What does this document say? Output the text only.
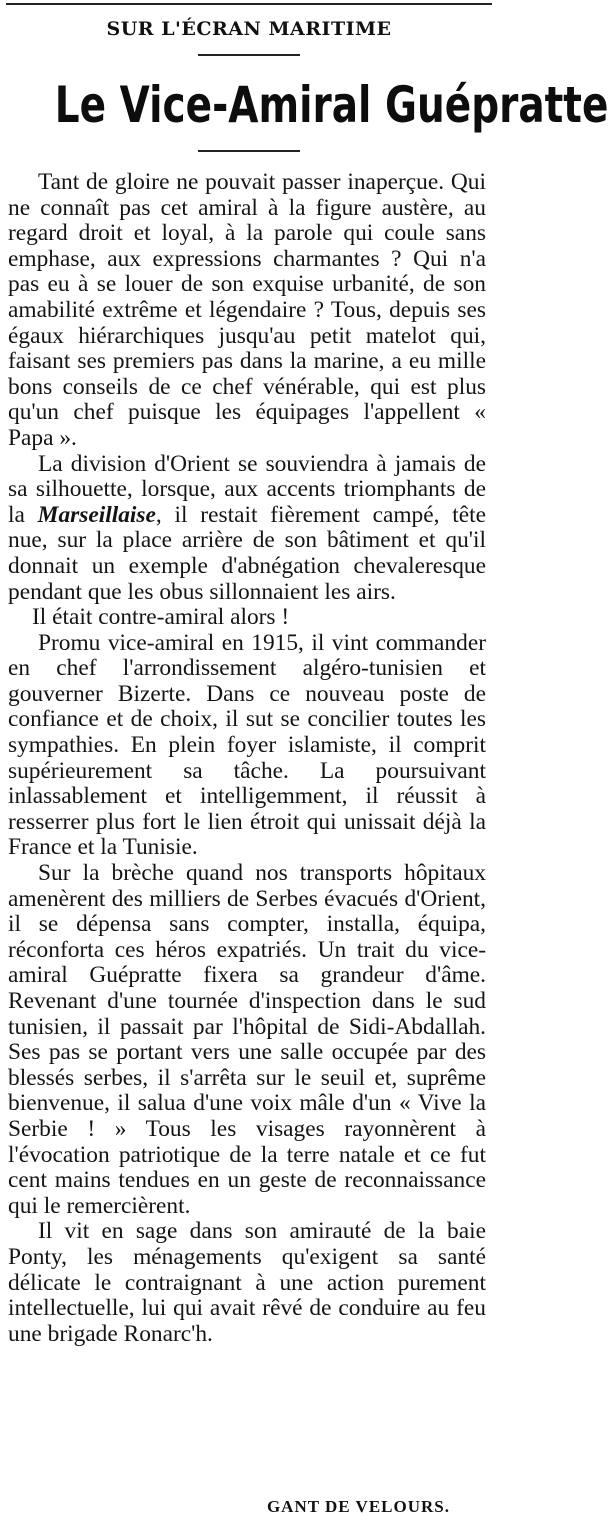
SUR L'ÉCRAN MARITIME
Le Vice-Amiral Guépratte

Tant de gloire ne pouvait passer inaperçue. Qui ne connaît pas cet amiral à la figure austère, au regard droit et loyal, à la parole qui coule sans emphase, aux expressions charmantes ? Qui n'a pas eu à se louer de son exquise urbanité, de son amabilité extrême et légendaire ? Tous, depuis ses égaux hiérarchiques jusqu'au petit matelot qui, faisant ses premiers pas dans la marine, a eu mille bons conseils de ce chef vénérable, qui est plus qu'un chef puisque les équipages l'appellent « Papa ».

La division d'Orient se souviendra à jamais de sa silhouette, lorsque, aux accents triomphants de la Marseillaise, il restait fièrement campé, tête nue, sur la place arrière de son bâtiment et qu'il donnait un exemple d'abnégation chevaleresque pendant que les obus sillonnaient les airs.

Il était contre-amiral alors !

Promu vice-amiral en 1915, il vint commander en chef l'arrondissement algéro-tunisien et gouverner Bizerte. Dans ce nouveau poste de confiance et de choix, il sut se concilier toutes les sympathies. En plein foyer islamiste, il comprit supérieurement sa tâche. La poursuivant inlassablement et intelligemment, il réussit à resserrer plus fort le lien étroit qui unissait déjà la France et la Tunisie.

Sur la brèche quand nos transports hôpitaux amenèrent des milliers de Serbes évacués d'Orient, il se dépensa sans compter, installa, équipa, réconforta ces héros expatriés. Un trait du vice-amiral Guépratte fixera sa grandeur d'âme. Revenant d'une tournée d'inspection dans le sud tunisien, il passait par l'hôpital de Sidi-Abdallah. Ses pas se portant vers une salle occupée par des blessés serbes, il s'arrêta sur le seuil et, suprême bienvenue, il salua d'une voix mâle d'un « Vive la Serbie ! » Tous les visages rayonnèrent à l'évocation patriotique de la terre natale et ce fut cent mains tendues en un geste de reconnaissance qui le remercièrent.

Il vit en sage dans son amirauté de la baie Ponty, les ménagements qu'exigent sa santé délicate le contraignant à une action purement intellectuelle, lui qui avait rêvé de conduire au feu une brigade Ronarc'h.

GANT DE VELOURS.
